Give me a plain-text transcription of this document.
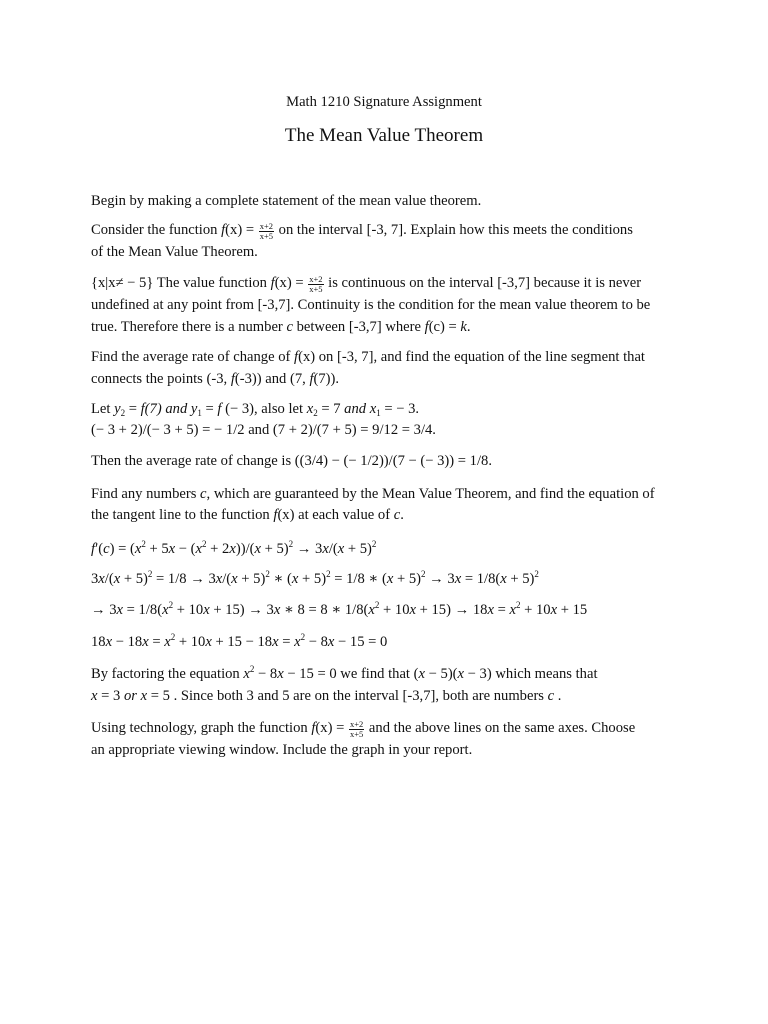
Math 1210 Signature Assignment
The Mean Value Theorem
Begin by making a complete statement of the mean value theorem.
Consider the function $f(x) = \frac{x+2}{x+5}$ on the interval [-3, 7]. Explain how this meets the conditions
of the Mean Value Theorem.
{x|x≠ − 5} The value function $f(x) = \frac{x+2}{x+5}$ is continuous on the interval [-3,7] because it is never
undefined at any point from [-3,7]. Continuity is the condition for the mean value theorem to be
true. Therefore there is a number c between [-3,7] where f(c) = k.
Find the average rate of change of f(x) on [-3, 7], and find the equation of the line segment that
connects the points (-3, f(-3)) and (7, f(7)).
Let $y_2 = f(7)$ and $y_1 = f$ (− 3), also let $x_2 = 7$ and $x_1$ = − 3.
(− 3 + 2)/(− 3 + 5) = − 1/2 and (7 + 2)/(7 + 5) = 9/12 = 3/4.
Then the average rate of change is ((3/4) − (− 1/2))/(7 − (− 3)) = 1/8.
Find any numbers c, which are guaranteed by the Mean Value Theorem, and find the equation of
the tangent line to the function f(x) at each value of c.
$f'(c) = (x^2 + 5x - (x^2 + 2x))/(x + 5)^2 \to 3x/(x + 5)^2$
$3x/(x + 5)^2 = 1/8 \to 3x/(x + 5)^2$ ∗ $(x + 5)^2 = 1/8$ ∗ $(x + 5)^2 \to 3x = 1/8(x + 5)^2$
→ $3x = 1/8(x^2 + 10x + 15) \to 3x$ ∗ 8 = 8 ∗ $1/8(x^2 + 10x + 15) \to 18x = x^2 + 10x + 15$
$18x - 18x = x^2 + 10x + 15 - 18x = x^2 - 8x - 15 = 0$
By factoring the equation $x^2 - 8x - 15 = 0$ we find that (x − 5)(x − 3) which means that
x = 3 or x = 5 . Since both 3 and 5 are on the interval [-3,7], both are numbers c .
Using technology, graph the function $f(x) = \frac{x+2}{x+5}$ and the above lines on the same axes. Choose
an appropriate viewing window. Include the graph in your report.
